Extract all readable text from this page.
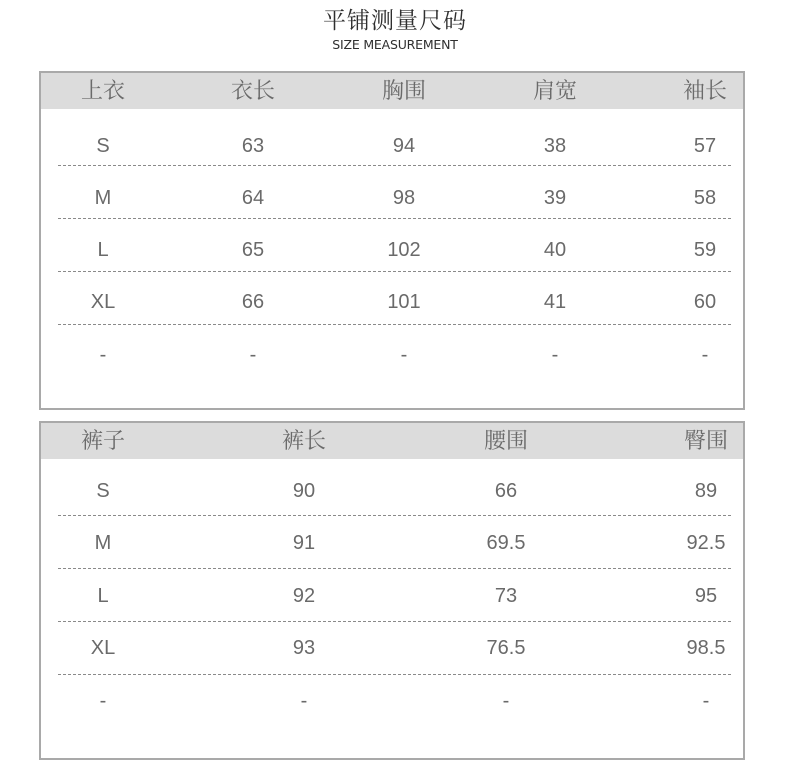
平铺测量尺码
SIZE MEASUREMENT
上衣	衣长	胸围	肩宽	袖长
S	63	94	38	57
M	64	98	39	58
L	65	102	40	59
XL	66	101	41	60
-	-	-	-	-
裤子	裤长	腰围	臀围
S	90	66	89
M	91	69.5	92.5
L	92	73	95
XL	93	76.5	98.5
-	-	-	-
